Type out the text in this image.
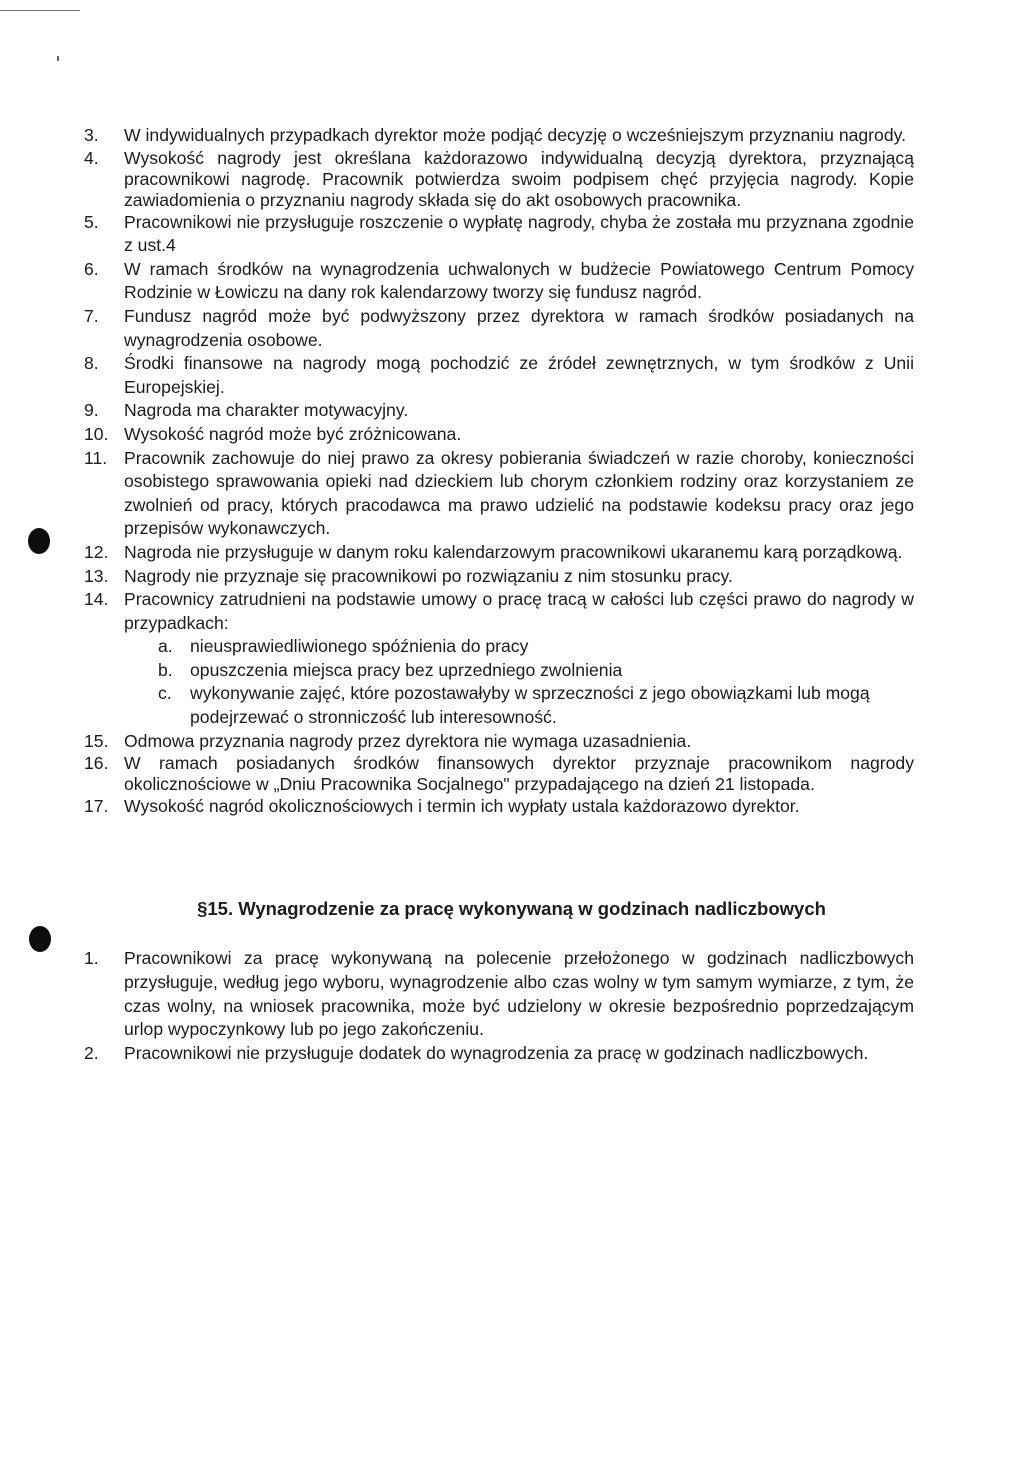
3. W indywidualnych przypadkach dyrektor może podjąć decyzję o wcześniejszym przyznaniu nagrody.
4. Wysokość nagrody jest określana każdorazowo indywidualną decyzją dyrektora, przyznającą pracownikowi nagrodę. Pracownik potwierdza swoim podpisem chęć przyjęcia nagrody. Kopie zawiadomienia o przyznaniu nagrody składa się do akt osobowych pracownika.
5. Pracownikowi nie przysługuje roszczenie o wypłatę nagrody, chyba że została mu przyznana zgodnie z ust.4
6. W ramach środków na wynagrodzenia uchwalonych w budżecie Powiatowego Centrum Pomocy Rodzinie w Łowiczu na dany rok kalendarzowy tworzy się fundusz nagród.
7. Fundusz nagród może być podwyższony przez dyrektora w ramach środków posiadanych na wynagrodzenia osobowe.
8. Środki finansowe na nagrody mogą pochodzić ze źródeł zewnętrznych, w tym środków z Unii Europejskiej.
9. Nagroda ma charakter motywacyjny.
10. Wysokość nagród może być zróżnicowana.
11. Pracownik zachowuje do niej prawo za okresy pobierania świadczeń w razie choroby, konieczności osobistego sprawowania opieki nad dzieckiem lub chorym członkiem rodziny oraz korzystaniem ze zwolnień od pracy, których pracodawca ma prawo udzielić na podstawie kodeksu pracy oraz jego przepisów wykonawczych.
12. Nagroda nie przysługuje w danym roku kalendarzowym pracownikowi ukaranemu karą porządkową.
13. Nagrody nie przyznaje się pracownikowi po rozwiązaniu z nim stosunku pracy.
14. Pracownicy zatrudnieni na podstawie umowy o pracę tracą w całości lub części prawo do nagrody w przypadkach:
a. nieusprawiedliwionego spóźnienia do pracy
b. opuszczenia miejsca pracy bez uprzedniego zwolnienia
c. wykonywanie zajęć, które pozostawałyby w sprzeczności z jego obowiązkami lub mogą podejrzewać o stronniczość lub interesowność.
15. Odmowa przyznania nagrody przez dyrektora nie wymaga uzasadnienia.
16. W ramach posiadanych środków finansowych dyrektor przyznaje pracownikom nagrody okolicznościowe w „Dniu Pracownika Socjalnego" przypadającego na dzień 21 listopada.
17. Wysokość nagród okolicznościowych i termin ich wypłaty ustala każdorazowo dyrektor.
§15. Wynagrodzenie za pracę wykonywaną w godzinach nadliczbowych
1. Pracownikowi za pracę wykonywaną na polecenie przełożonego w godzinach nadliczbowych przysługuje, według jego wyboru, wynagrodzenie albo czas wolny w tym samym wymiarze, z tym, że czas wolny, na wniosek pracownika, może być udzielony w okresie bezpośrednio poprzedzającym urlop wypoczynkowy lub po jego zakończeniu.
2. Pracownikowi nie przysługuje dodatek do wynagrodzenia za pracę w godzinach nadliczbowych.
